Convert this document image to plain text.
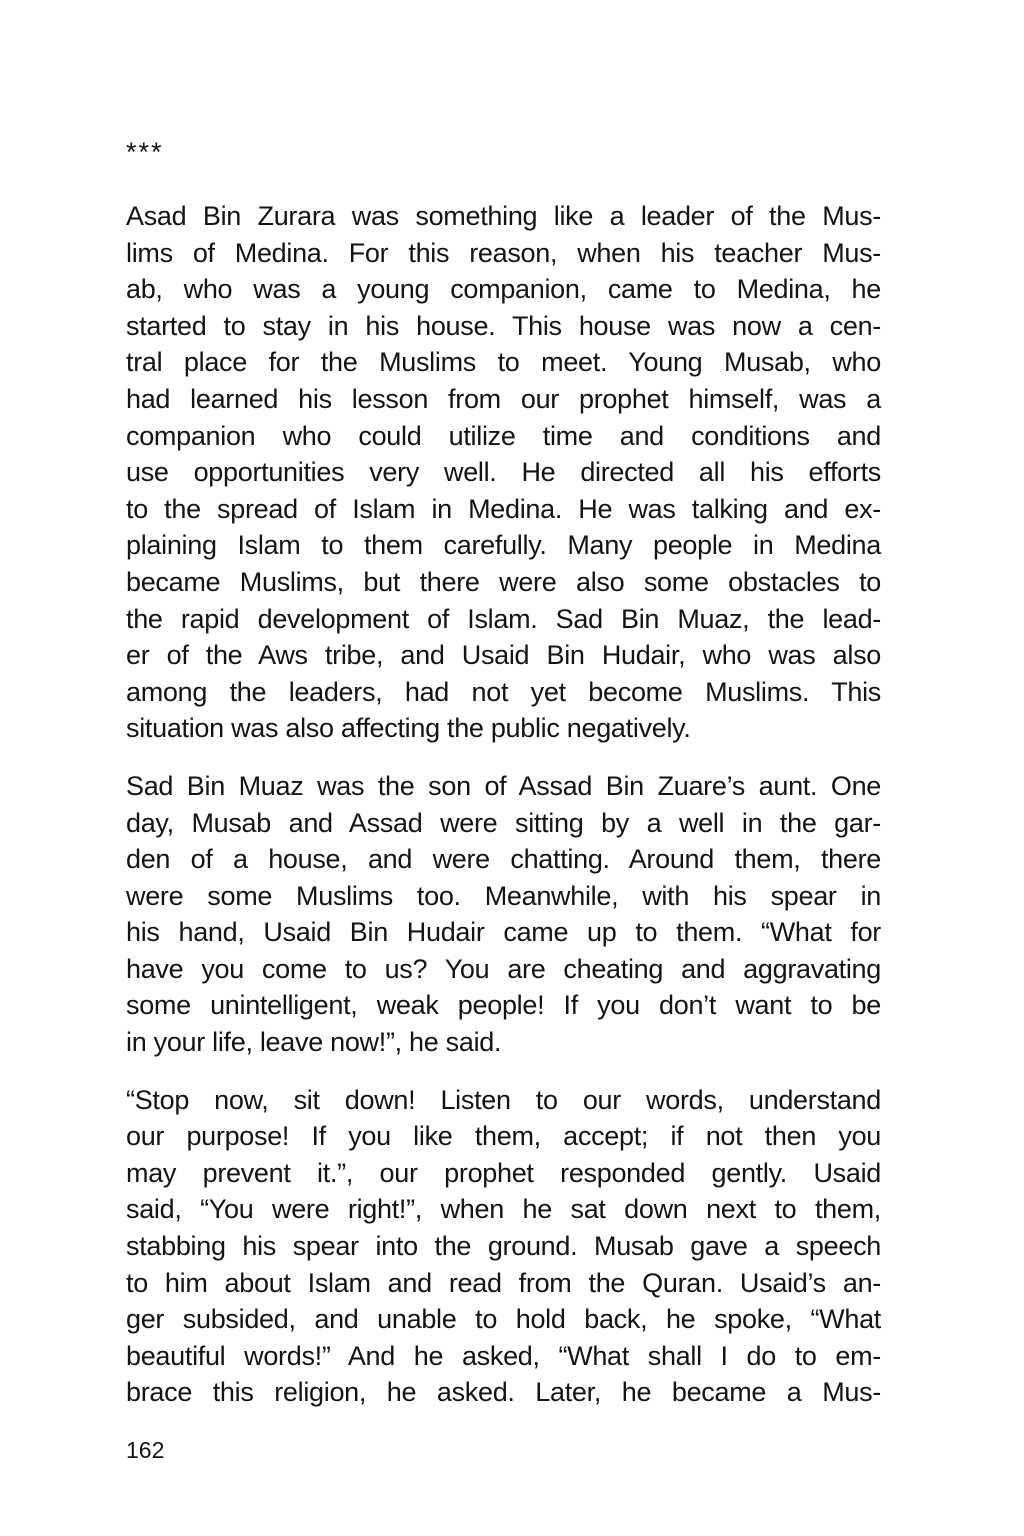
***
Asad Bin Zurara was something like a leader of the Mus-
lims of Medina. For this reason, when his teacher Mus-
ab, who was a young companion, came to Medina, he
started to stay in his house. This house was now a cen-
tral place for the Muslims to meet. Young Musab, who
had learned his lesson from our prophet himself, was a
companion who could utilize time and conditions and
use opportunities very well. He directed all his efforts
to the spread of Islam in Medina. He was talking and ex-
plaining Islam to them carefully. Many people in Medina
became Muslims, but there were also some obstacles to
the rapid development of Islam. Sad Bin Muaz, the lead-
er of the Aws tribe, and Usaid Bin Hudair, who was also
among the leaders, had not yet become Muslims. This
situation was also affecting the public negatively.
Sad Bin Muaz was the son of Assad Bin Zuare’s aunt. One
day, Musab and Assad were sitting by a well in the gar-
den of a house, and were chatting. Around them, there
were some Muslims too. Meanwhile, with his spear in
his hand, Usaid Bin Hudair came up to them. “What for
have you come to us? You are cheating and aggravating
some unintelligent, weak people! If you don’t want to be
in your life, leave now!”, he said.
“Stop now, sit down! Listen to our words, understand
our purpose! If you like them, accept; if not then you
may prevent it.”, our prophet responded gently. Usaid
said, “You were right!”, when he sat down next to them,
stabbing his spear into the ground. Musab gave a speech
to him about Islam and read from the Quran. Usaid’s an-
ger subsided, and unable to hold back, he spoke, “What
beautiful words!” And he asked, “What shall I do to em-
brace this religion, he asked. Later, he became a Mus-
162
